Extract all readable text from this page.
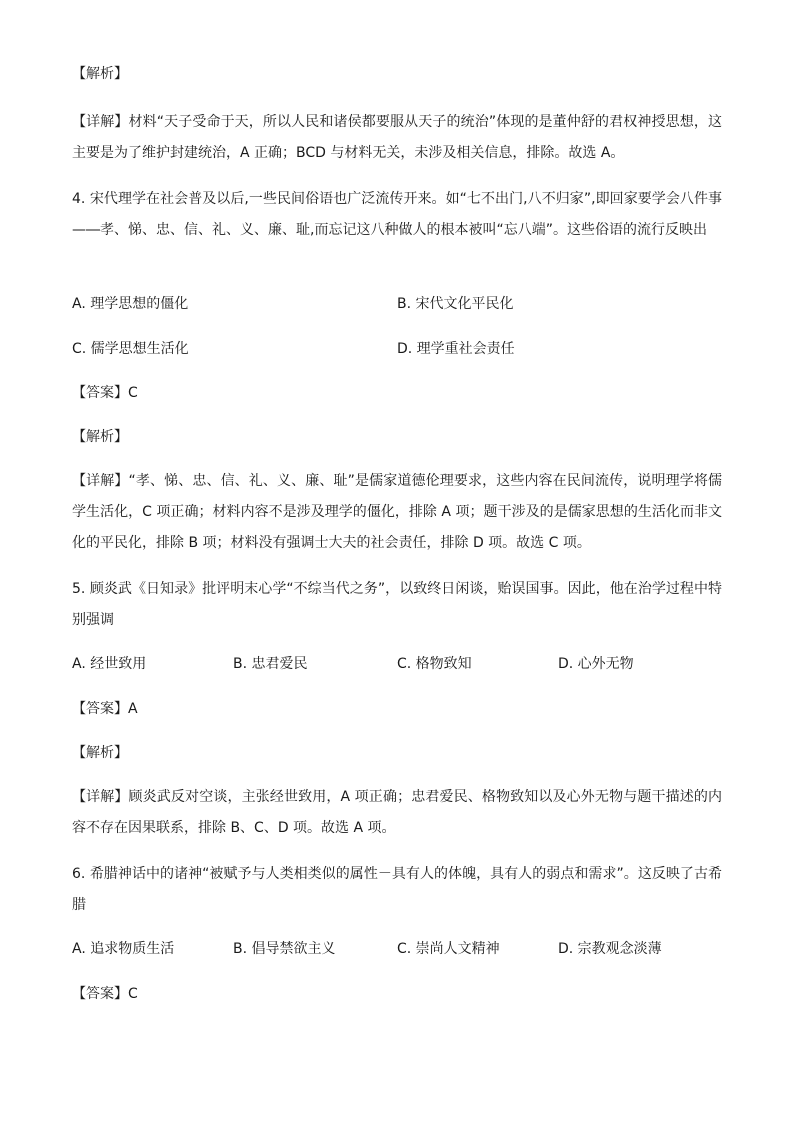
【解析】
【详解】材料“天子受命于天，所以人民和诸侯都要服从天子的统治”体现的是董仲舒的君权神授思想，这主要是为了维护封建统治，A 正确；BCD 与材料无关，未涉及相关信息，排除。故选 A。
4. 宋代理学在社会普及以后,一些民间俗语也广泛流传开来。如“七不出门,八不归家”,即回家要学会八件事—―孝、悌、忠、信、礼、义、廉、耻,而忘记这八种做人的根本被叫“忘八端”。这些俗语的流行反映出
A. 理学思想的僵化	B. 宋代文化平民化
C. 儒学思想生活化	D. 理学重社会责任
【答案】C
【解析】
【详解】“孝、悌、忠、信、礼、义、廉、耻”是儒家道德伦理要求，这些内容在民间流传，说明理学将儒学生活化，C 项正确；材料内容不是涉及理学的僵化，排除 A 项；题干涉及的是儒家思想的生活化而非文化的平民化，排除 B 项；材料没有强调士大夫的社会责任，排除 D 项。故选 C 项。
5. 顾炎武《日知录》批评明末心学“不综当代之务”，以致终日闲谈，贻误国事。因此，他在治学过程中特别强调
A. 经世致用	B. 忠君爱民	C. 格物致知	D. 心外无物
【答案】A
【解析】
【详解】顾炎武反对空谈，主张经世致用，A 项正确；忠君爱民、格物致知以及心外无物与题干描述的内容不存在因果联系，排除 B、C、D 项。故选 A 项。
6. 希腊神话中的诸神“被赋予与人类相类似的属性－具有人的体魄，具有人的弱点和需求”。这反映了古希腊
A. 追求物质生活	B. 倡导禁欲主义	C. 崇尚人文精神	D. 宗教观念淡薄
【答案】C
